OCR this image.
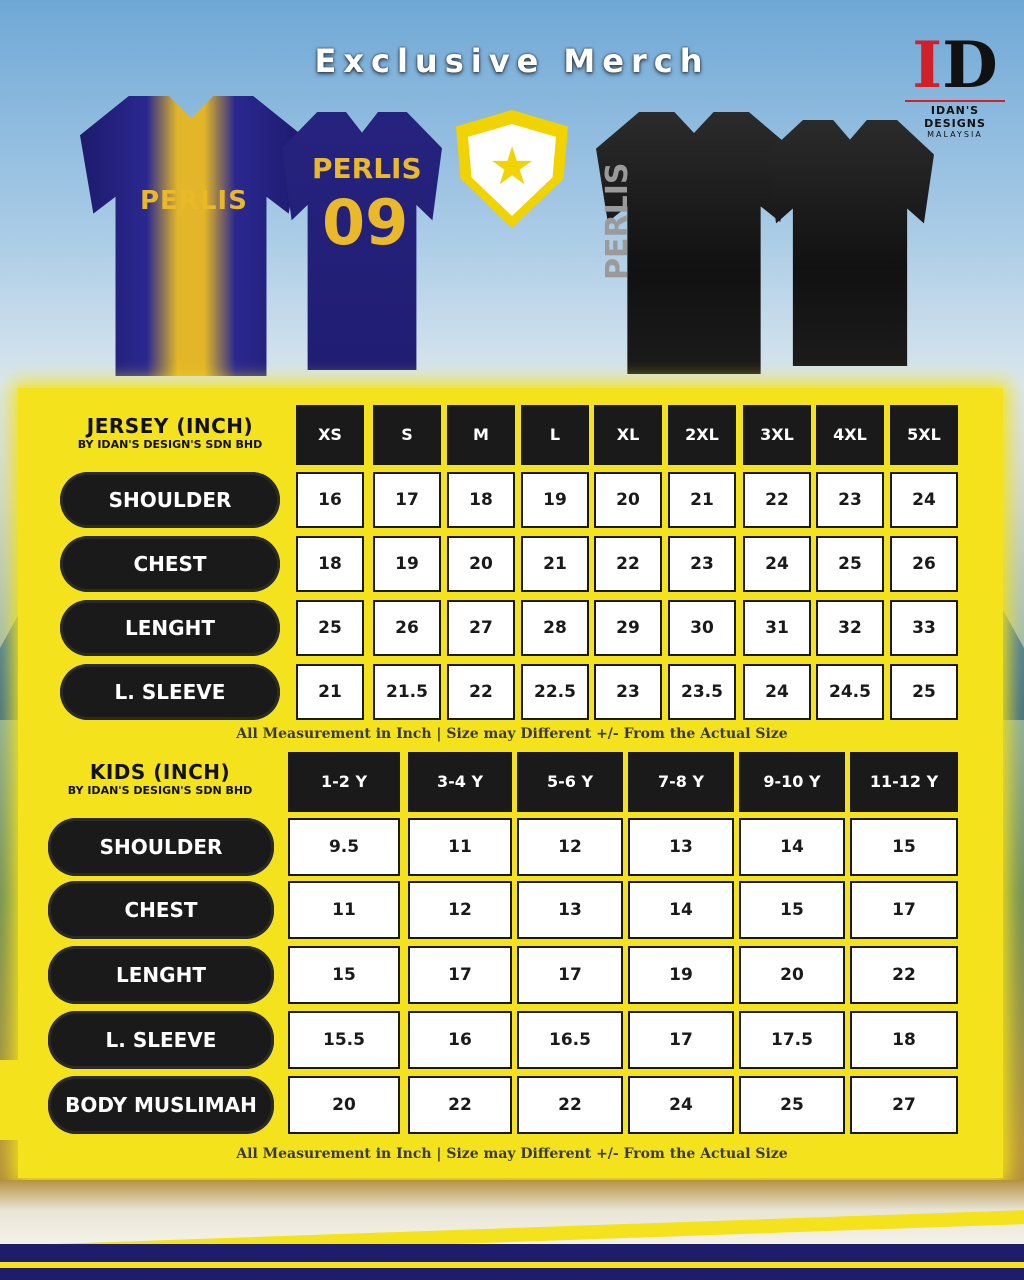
Exclusive Merch	ID
IDAN'S DESIGNS
MALAYSIA
PERLIS
PERLIS
09
★ PERLIS
JERSEY (INCH)
BY IDAN'S DESIGN'S SDN BHD
XS	S	M	L	XL	2XL	3XL	4XL	5XL
SHOULDER	16	17	18	19	20	21	22	23	24
CHEST	18	19	20	21	22	23	24	25	26
LENGHT	25	26	27	28	29	30	31	32	33
L. SLEEVE	21	21.5	22	22.5	23	23.5	24	24.5	25
All Measurement in Inch | Size may Different +/- From the Actual Size
KIDS (INCH)
BY IDAN'S DESIGN'S SDN BHD	1-2 Y	3-4 Y	5-6 Y	7-8 Y	9-10 Y	11-12 Y
SHOULDER	9.5	11	12	13	14	15
CHEST	11	12	13	14	15	17
LENGHT	15	17	17	19	20	22
L. SLEEVE	15.5	16	16.5	17	17.5	18
BODY MUSLIMAH	20	22	22	24	25	27
All Measurement in Inch | Size may Different +/- From the Actual Size
